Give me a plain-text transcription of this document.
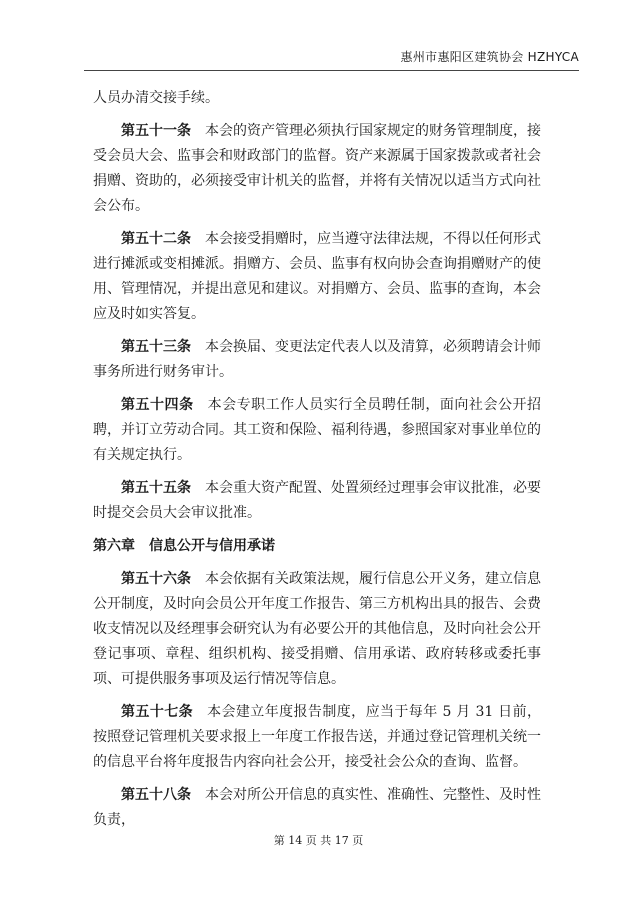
惠州市惠阳区建筑协会 HZHYCA

人员办清交接手续。

第五十一条 本会的资产管理必须执行国家规定的财务管理制度，接受会员大会、监事会和财政部门的监督。资产来源属于国家拨款或者社会捐赠、资助的，必须接受审计机关的监督，并将有关情况以适当方式向社会公布。

第五十二条 本会接受捐赠时，应当遵守法律法规，不得以任何形式进行摊派或变相摊派。捐赠方、会员、监事有权向协会查询捐赠财产的使用、管理情况，并提出意见和建议。对捐赠方、会员、监事的查询，本会应及时如实答复。

第五十三条 本会换届、变更法定代表人以及清算，必须聘请会计师事务所进行财务审计。

第五十四条 本会专职工作人员实行全员聘任制，面向社会公开招聘，并订立劳动合同。其工资和保险、福利待遇，参照国家对事业单位的有关规定执行。

第五十五条 本会重大资产配置、处置须经过理事会审议批准，必要时提交会员大会审议批准。

第六章 信息公开与信用承诺

第五十六条 本会依据有关政策法规，履行信息公开义务，建立信息公开制度，及时向会员公开年度工作报告、第三方机构出具的报告、会费收支情况以及经理事会研究认为有必要公开的其他信息，及时向社会公开登记事项、章程、组织机构、接受捐赠、信用承诺、政府转移或委托事项、可提供服务事项及运行情况等信息。

第五十七条 本会建立年度报告制度，应当于每年 5 月 31 日前，按照登记管理机关要求报上一年度工作报告送，并通过登记管理机关统一的信息平台将年度报告内容向社会公开，接受社会公众的查询、监督。

第五十八条 本会对所公开信息的真实性、准确性、完整性、及时性负责，

第 14 页 共 17 页
